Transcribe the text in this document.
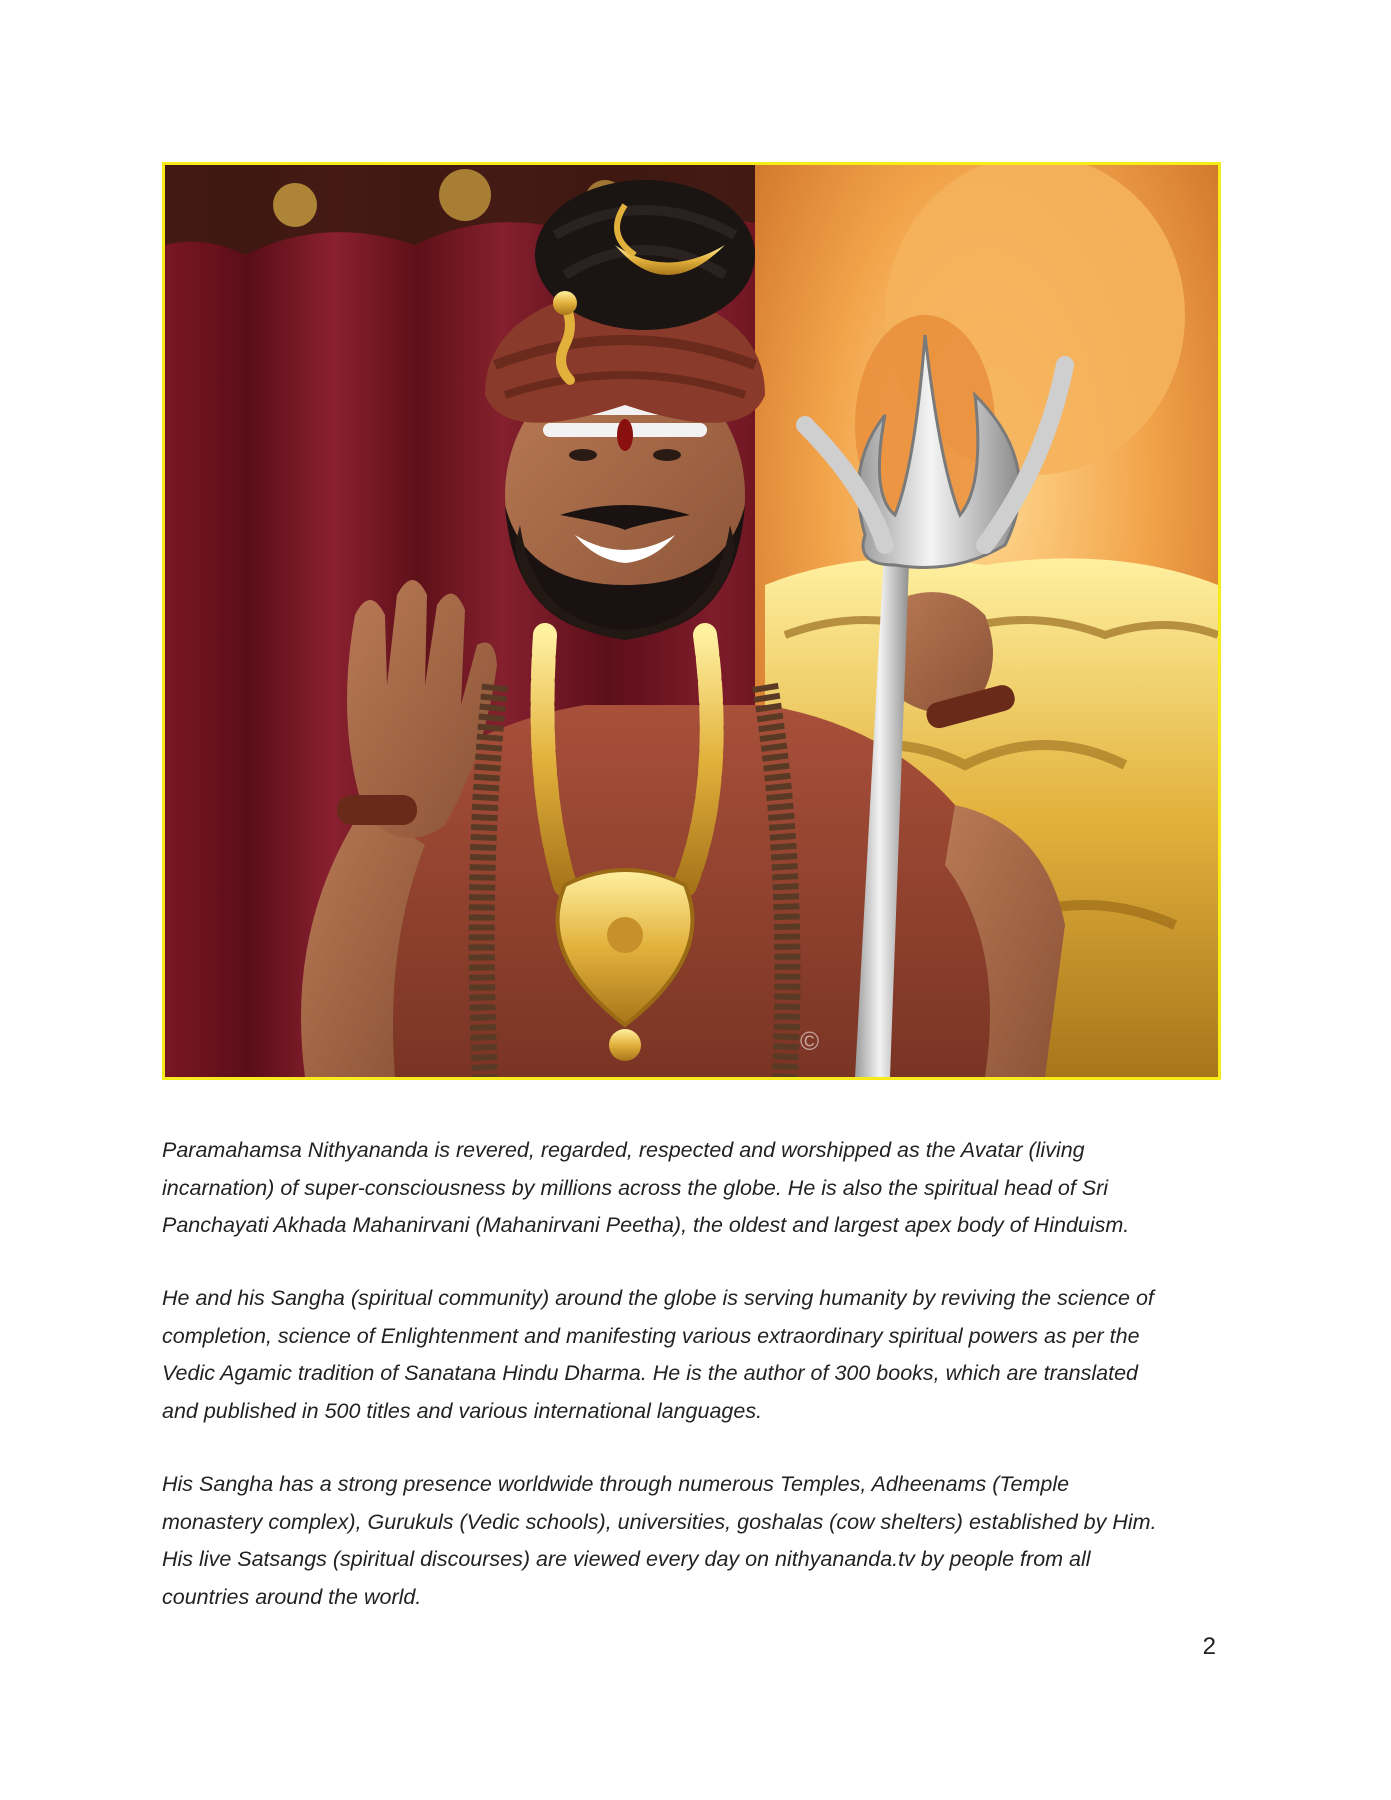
©

Paramahamsa Nithyananda is revered, regarded, respected and worshipped as the Avatar (living
incarnation) of super-consciousness by millions across the globe. He is also the spiritual head of Sri
Panchayati Akhada Mahanirvani (Mahanirvani Peetha), the oldest and largest apex body of Hinduism.

He and his Sangha (spiritual community) around the globe is serving humanity by reviving the science of
completion, science of Enlightenment and manifesting various extraordinary spiritual powers as per the
Vedic Agamic tradition of Sanatana Hindu Dharma. He is the author of 300 books, which are translated
and published in 500 titles and various international languages.

His Sangha has a strong presence worldwide through numerous Temples, Adheenams (Temple
monastery complex), Gurukuls (Vedic schools), universities, goshalas (cow shelters) established by Him.
His live Satsangs (spiritual discourses) are viewed every day on nithyananda.tv by people from all
countries around the world.

2
